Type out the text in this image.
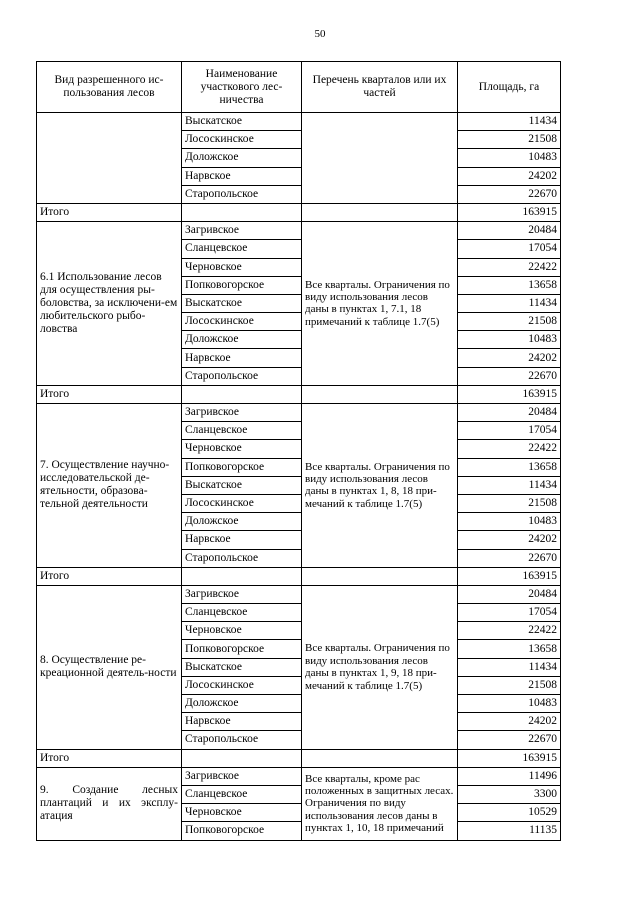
50
Вид разрешенного ис-пользования лесов	Наименование участкового лес-ничества	Перечень кварталов или их частей	Площадь, га
	Выскатское		11434
	Лососкинское		21508
	Доложское		10483
	Нарвское		24202
	Старопольское		22670
Итого			163915
6.1 Использование лесов для осуществления ры-боловства, за исключени-ем любительского рыбо-ловства	Загривское	Все кварталы. Ограничения по виду использования лесов даны в пунктах 1, 7.1, 18 примечаний к таблице 1.7(5)	20484
	Сланцевское		17054
	Черновское		22422
	Попковогорское		13658
	Выскатское		11434
	Лососкинское		21508
	Доложское		10483
	Нарвское		24202
	Старопольское		22670
Итого			163915
7. Осуществление научно-исследовательской де-ятельности, образова-тельной деятельности	Загривское	Все кварталы. Ограничения по виду использования лесов даны в пунктах 1, 8, 18 при-мечаний к таблице 1.7(5)	20484
	Сланцевское		17054
	Черновское		22422
	Попковогорское		13658
	Выскатское		11434
	Лососкинское		21508
	Доложское		10483
	Нарвское		24202
	Старопольское		22670
Итого			163915
8. Осуществление ре-креационной деятель-ности	Загривское	Все кварталы. Ограничения по виду использования лесов даны в пунктах 1, 9, 18 при-мечаний к таблице 1.7(5)	20484
	Сланцевское		17054
	Черновское		22422
	Попковогорское		13658
	Выскатское		11434
	Лососкинское		21508
	Доложское		10483
	Нарвское		24202
	Старопольское		22670
Итого			163915
9. Создание лесных плантаций и их эксплу-атация	Загривское	Все кварталы, кроме рас положенных в защитных лесах. Ограничения по виду использования лесов даны в пунктах 1, 10, 18 примечаний	11496
	Сланцевское		3300
	Черновское		10529
	Попковогорское		11135
